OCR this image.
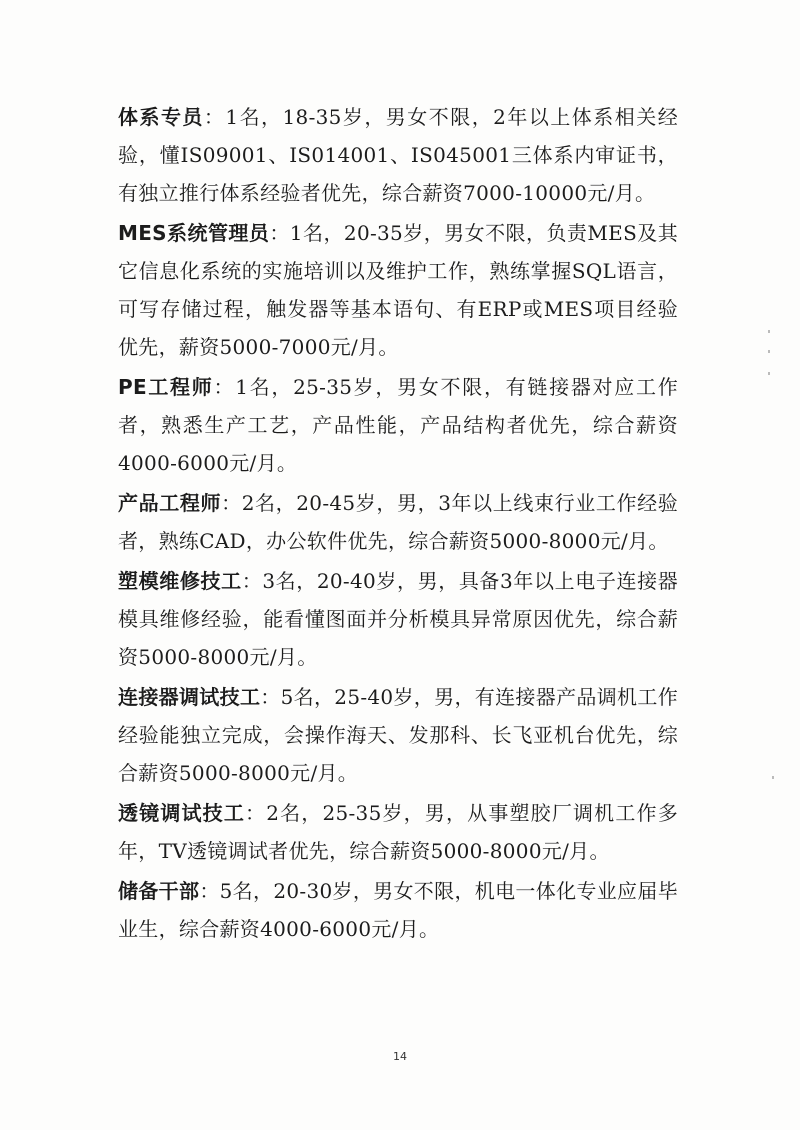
体系专员：1名，18-35岁，男女不限，2年以上体系相关经验，懂IS09001、IS014001、IS045001三体系内审证书，有独立推行体系经验者优先，综合薪资7000-10000元/月。

MES系统管理员：1名，20-35岁，男女不限，负责MES及其它信息化系统的实施培训以及维护工作，熟练掌握SQL语言，可写存储过程，触发器等基本语句、有ERP或MES项目经验优先，薪资5000-7000元/月。

PE工程师：1名，25-35岁，男女不限，有链接器对应工作者，熟悉生产工艺，产品性能，产品结构者优先，综合薪资4000-6000元/月。

产品工程师：2名，20-45岁，男，3年以上线束行业工作经验者，熟练CAD，办公软件优先，综合薪资5000-8000元/月。

塑模维修技工：3名，20-40岁，男，具备3年以上电子连接器模具维修经验，能看懂图面并分析模具异常原因优先，综合薪资5000-8000元/月。

连接器调试技工：5名，25-40岁，男，有连接器产品调机工作经验能独立完成，会操作海天、发那科、长飞亚机台优先，综合薪资5000-8000元/月。

透镜调试技工：2名，25-35岁，男，从事塑胶厂调机工作多年，TV透镜调试者优先，综合薪资5000-8000元/月。

储备干部：5名，20-30岁，男女不限，机电一体化专业应届毕业生，综合薪资4000-6000元/月。

14
